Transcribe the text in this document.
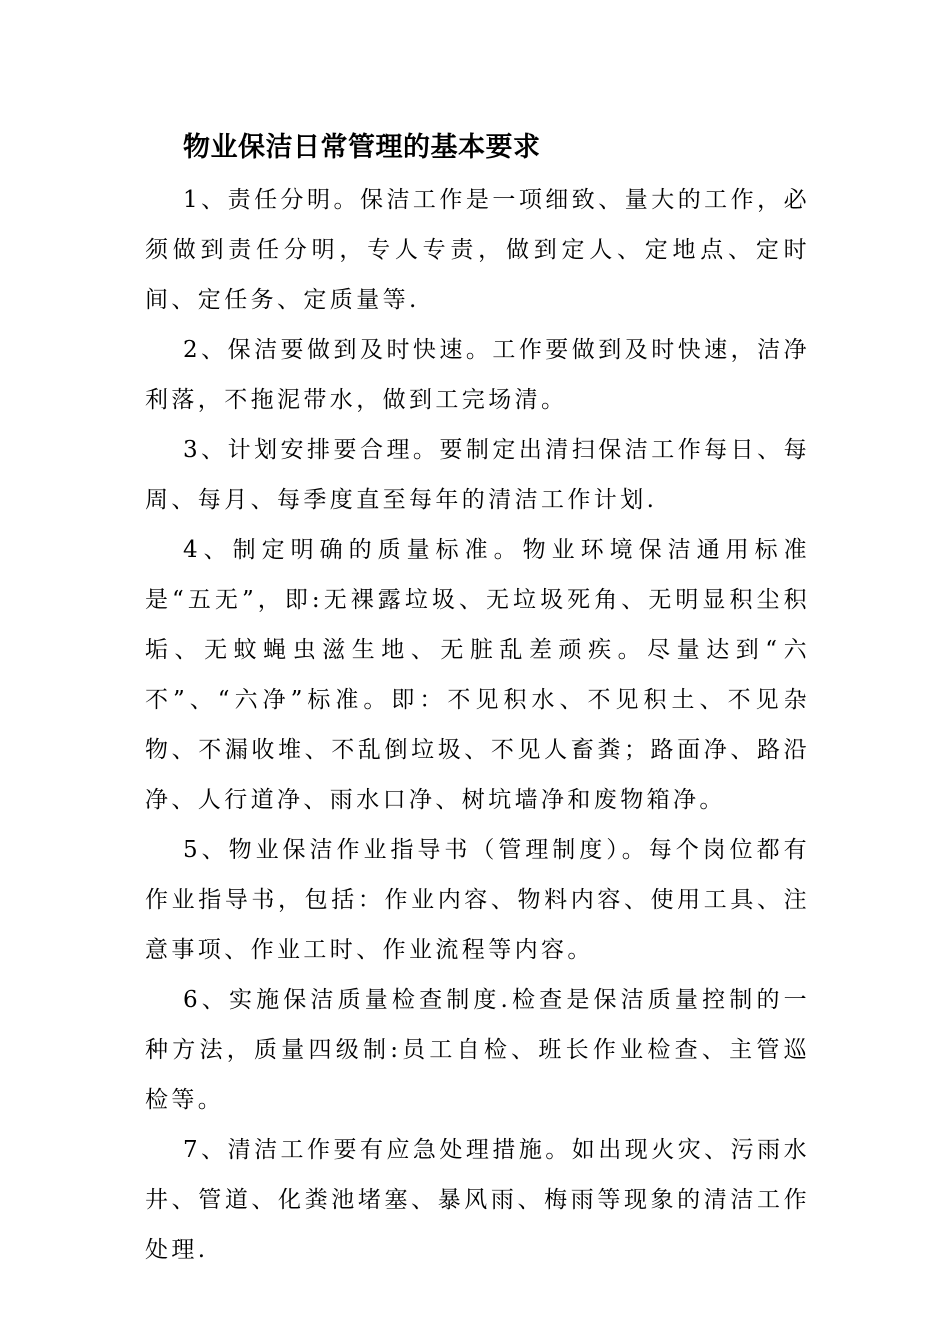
物业保洁日常管理的基本要求

1、责任分明。保洁工作是一项细致、量大的工作，必须做到责任分明，专人专责，做到定人、定地点、定时间、定任务、定质量等.

2、保洁要做到及时快速。工作要做到及时快速，洁净利落，不拖泥带水，做到工完场清。

3、计划安排要合理。要制定出清扫保洁工作每日、每周、每月、每季度直至每年的清洁工作计划.

4、制定明确的质量标准。物业环境保洁通用标准是“五无”，即:无裸露垃圾、无垃圾死角、无明显积尘积垢、无蚊蝇虫滋生地、无脏乱差顽疾。尽量达到“六不”、“六净”标准。即：不见积水、不见积土、不见杂物、不漏收堆、不乱倒垃圾、不见人畜粪；路面净、路沿净、人行道净、雨水口净、树坑墙净和废物箱净。

5、物业保洁作业指导书（管理制度）。每个岗位都有作业指导书，包括：作业内容、物料内容、使用工具、注意事项、作业工时、作业流程等内容。

6、实施保洁质量检查制度.检查是保洁质量控制的一种方法，质量四级制:员工自检、班长作业检查、主管巡检等。

7、清洁工作要有应急处理措施。如出现火灾、污雨水井、管道、化粪池堵塞、暴风雨、梅雨等现象的清洁工作处理.
